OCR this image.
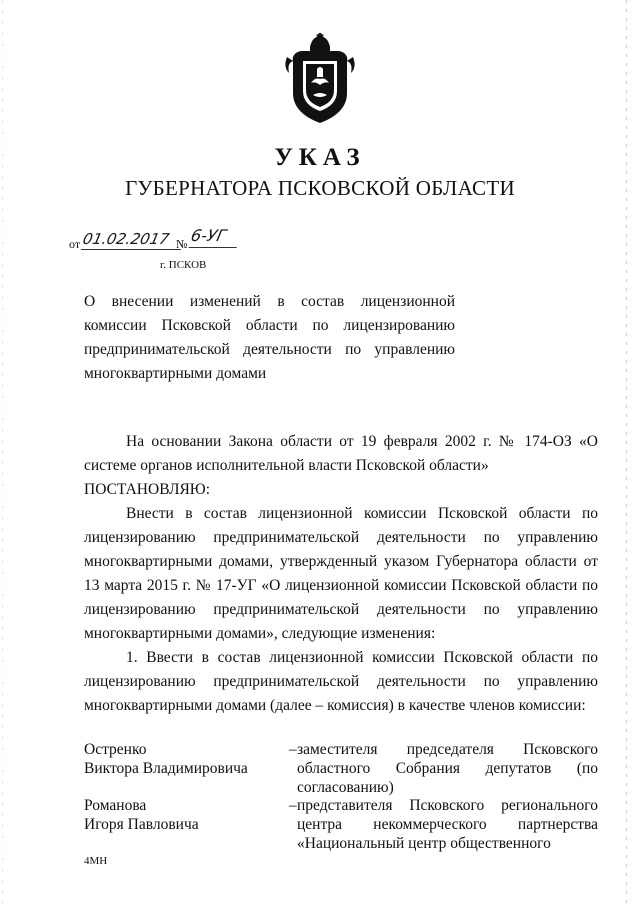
УКАЗ
ГУБЕРНАТОРА ПСКОВСКОЙ ОБЛАСТИ
от 01.02.2017 № 6-УГ
г. ПСКОВ
О внесении изменений в состав лицензионной комиссии Псковской области по лицензированию предпринимательской деятельности по управлению многоквартирными домами

На основании Закона области от 19 февраля 2002 г. № 174-ОЗ «О системе органов исполнительной власти Псковской области»

ПОСТАНОВЛЯЮ:

Внести в состав лицензионной комиссии Псковской области по лицензированию предпринимательской деятельности по управлению многоквартирными домами, утвержденный указом Губернатора области от 13 марта 2015 г. № 17-УГ «О лицензионной комиссии Псковской области по лицензированию предпринимательской деятельности по управлению многоквартирными домами», следующие изменения:

1. Ввести в состав лицензионной комиссии Псковской области по лицензированию предпринимательской деятельности по управлению многоквартирными домами (далее – комиссия) в качестве членов комиссии:

Остренко
Виктора Владимировича
– заместителя председателя Псковского областного Собрания депутатов (по согласованию)
Романова
Игоря Павловича
– представителя Псковского регионального центра некоммерческого партнерства «Национальный центр общественного
4МН
